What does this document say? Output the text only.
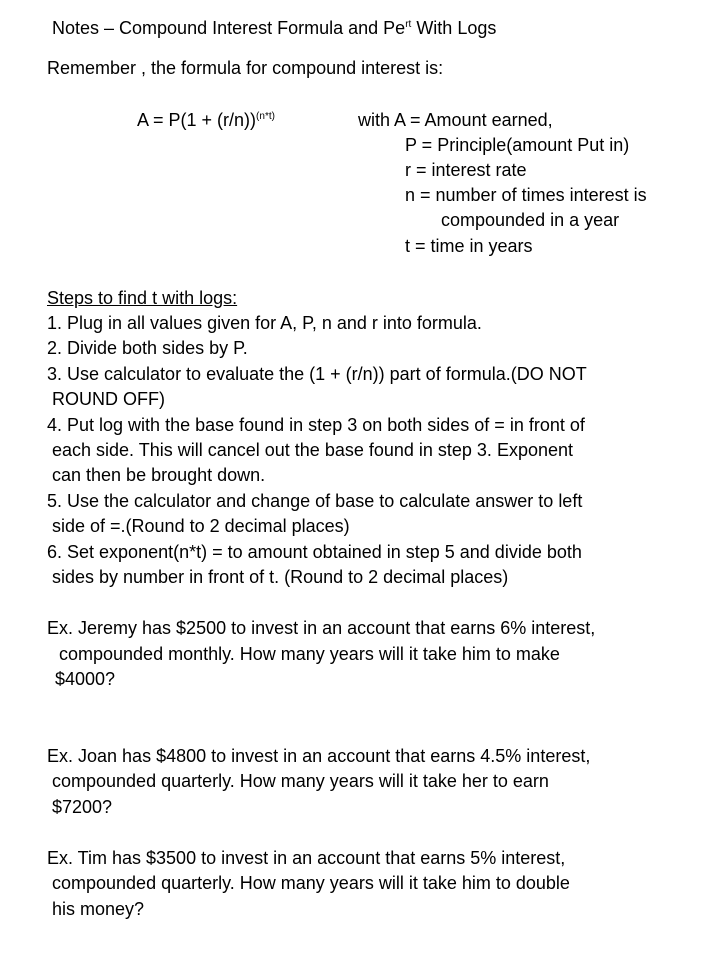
Notes – Compound Interest Formula and $Pe^{rt}$ With Logs
Remember , the formula for compound interest is:
$A = P(1 + (r/n))^{(n*t)}$	with A = Amount earned,
P = Principle(amount Put in)
r = interest rate
n = number of times interest is
compounded in a year
t = time in years
Steps to find t with logs:
1. Plug in all values given for A, P, n and r into formula.
2. Divide both sides by P.
3. Use calculator to evaluate the (1 + (r/n)) part of formula.(DO NOT
ROUND OFF)
4. Put log with the base found in step 3 on both sides of = in front of
each side. This will cancel out the base found in step 3. Exponent
can then be brought down.
5. Use the calculator and change of base to calculate answer to left
side of =.(Round to 2 decimal places)
6. Set exponent(n*t) = to amount obtained in step 5 and divide both
sides by number in front of t. (Round to 2 decimal places)
Ex. Jeremy has $2500 to invest in an account that earns 6% interest,
compounded monthly. How many years will it take him to make
$4000?
Ex. Joan has $4800 to invest in an account that earns 4.5% interest,
compounded quarterly. How many years will it take her to earn
$7200?
Ex. Tim has $3500 to invest in an account that earns 5% interest,
compounded quarterly. How many years will it take him to double
his money?
